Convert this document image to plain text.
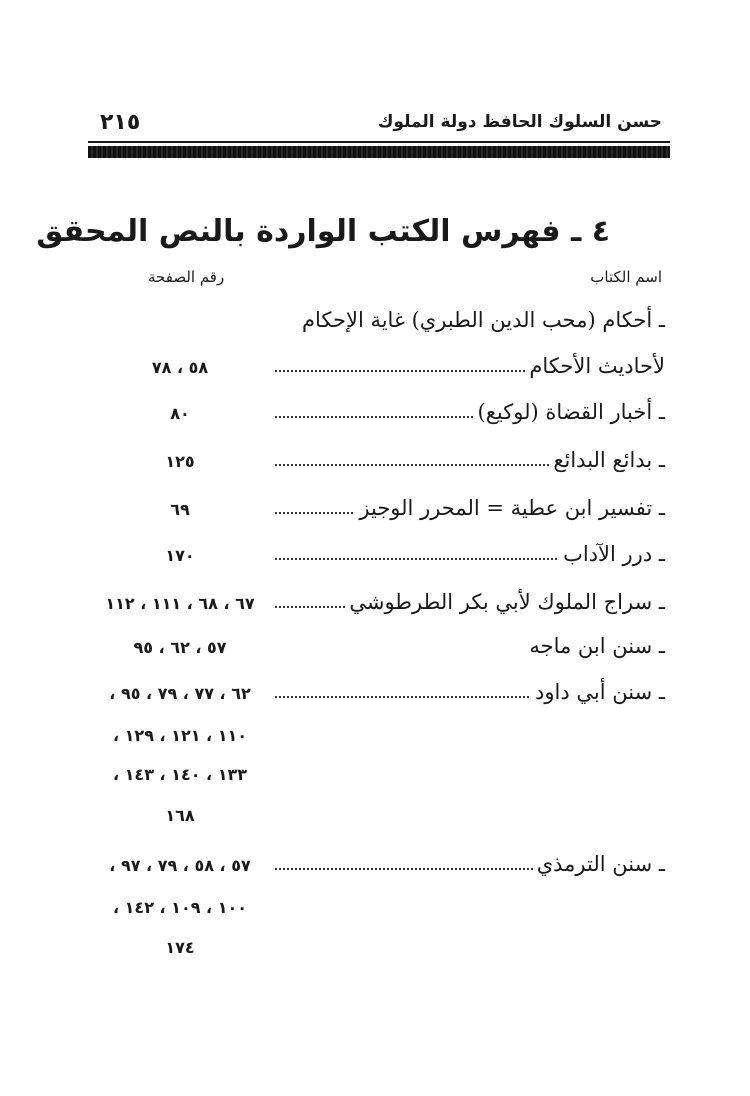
حسن السلوك الحافظ دولة الملوك
٢١٥
٤ ـ فهرس الكتب الواردة بالنص المحقق
اسم الكتاب
رقم الصفحة
ـ أحكام (محب الدين الطبري) غاية الإحكام
لأحاديث الأحكام
٥٨ ، ٧٨
ـ أخبار القضاة (لوكيع)
٨٠
ـ بدائع البدائع
١٢٥
ـ تفسير ابن عطية = المحرر الوجيز
٦٩
ـ درر الآداب
١٧٠
ـ سراج الملوك لأبي بكر الطرطوشي
٦٧ ، ٦٨ ، ١١١ ، ١١٢
ـ سنن ابن ماجه
٥٧ ، ٦٢ ، ٩٥
ـ سنن أبي داود
٦٢ ، ٧٧ ، ٧٩ ، ٩٥ ،
١١٠ ، ١٢١ ، ١٢٩ ،
١٣٣ ، ١٤٠ ، ١٤٣ ،
١٦٨
ـ سنن الترمذي
٥٧ ، ٥٨ ، ٧٩ ، ٩٧ ،
١٠٠ ، ١٠٩ ، ١٤٢ ،
١٧٤
